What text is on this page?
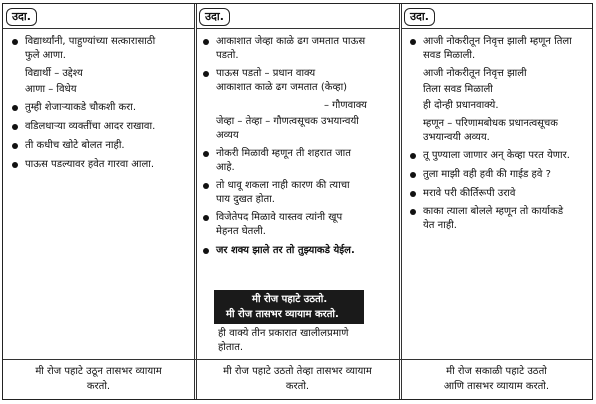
उदा.
विद्यार्थ्यांनी, पाहुण्यांच्या सत्कारासाठी
फुले आणा.
विद्यार्थी – उद्देश्य
आणा – विधेय
तुम्ही शेजाऱ्याकडे चौकशी करा.
वडिलधाऱ्या व्यक्तींचा आदर राखावा.
ती कधीच खोटे बोलत नाही.
पाऊस पडल्यावर हवेत गारवा आला.
मी रोज पहाटे उठून तासभर व्यायाम
करतो.
उदा.
आकाशात जेव्हा काळे ढग जमतात पाऊस
पडतो.
पाऊस पडतो – प्रधान वाक्य
आकाशात काळे ढग जमतात (केव्हा)
– गौणवाक्य
जेव्हा – तेव्हा – गौणत्वसूचक उभयान्वयी
अव्यय
नोकरी मिळावी म्हणून ती शहरात जात
आहे.
तो धावू शकला नाही कारण की त्याचा
पाय दुखत होता.
विजेतेपद मिळावे यास्तव त्यांनी खूप
मेहनत घेतली.
जर शक्य झाले तर तो तुझ्याकडे येईल.
मी रोज पहाटे उठतो.
मी रोज तासभर व्यायाम करतो.
ही वाक्ये तीन प्रकारात खालीलप्रमाणे
होतात.
मी रोज पहाटे उठतो तेव्हा तासभर व्यायाम
करतो.
उदा.
आजी नोकरीतून निवृत्त झाली म्हणून तिला
सवड मिळाली.
आजी नोकरीतून निवृत्त झाली
तिला सवड मिळाली
ही दोन्ही प्रधानवाक्ये.
म्हणून – परिणामबोधक प्रधानत्वसूचक
उभयान्वयी अव्यय.
तू पुण्याला जाणार अन् केव्हा परत येणार.
तुला माझी वही हवी की गाईड हवे ?
मरावे परी कीर्तिरूपी उरावे
काका त्याला बोलले म्हणून तो कार्याकडे
येत नाही.
मी रोज सकाळी पहाटे उठतो
आणि तासभर व्यायाम करतो.
